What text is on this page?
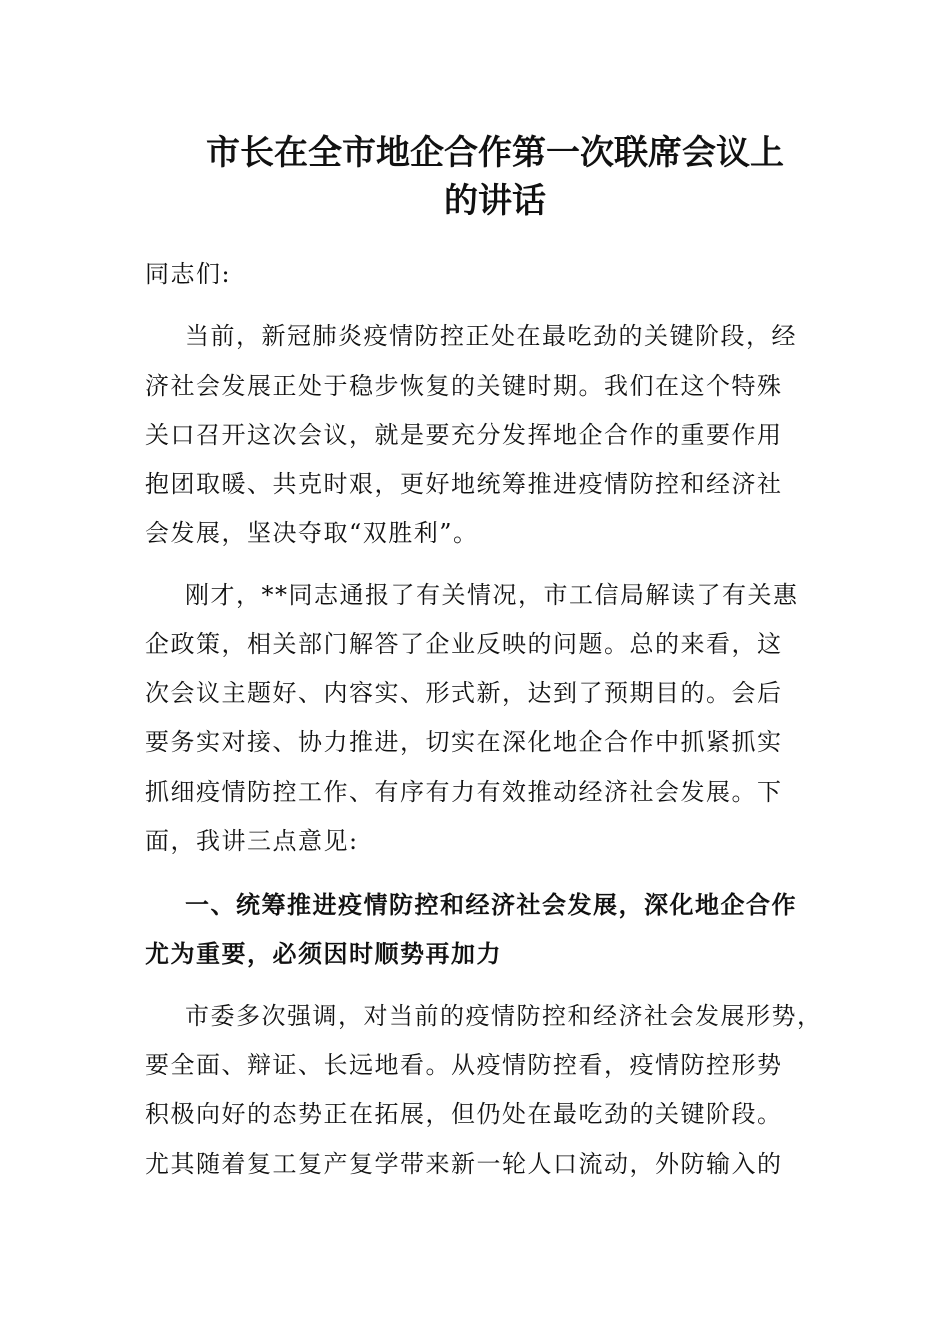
市长在全市地企合作第一次联席会议上
的讲话

同志们:

当前，新冠肺炎疫情防控正处在最吃劲的关键阶段，经

济社会发展正处于稳步恢复的关键时期。我们在这个特殊

关口召开这次会议，就是要充分发挥地企合作的重要作用

抱团取暖、共克时艰，更好地统筹推进疫情防控和经济社

会发展，坚决夺取“双胜利”。

刚才，**同志通报了有关情况，市工信局解读了有关惠

企政策，相关部门解答了企业反映的问题。总的来看，这

次会议主题好、内容实、形式新，达到了预期目的。会后

要务实对接、协力推进，切实在深化地企合作中抓紧抓实

抓细疫情防控工作、有序有力有效推动经济社会发展。下

面，我讲三点意见:

一、统筹推进疫情防控和经济社会发展，深化地企合作

尤为重要，必须因时顺势再加力

市委多次强调，对当前的疫情防控和经济社会发展形势，

要全面、辩证、长远地看。从疫情防控看，疫情防控形势

积极向好的态势正在拓展，但仍处在最吃劲的关键阶段。

尤其随着复工复产复学带来新一轮人口流动，外防输入的
